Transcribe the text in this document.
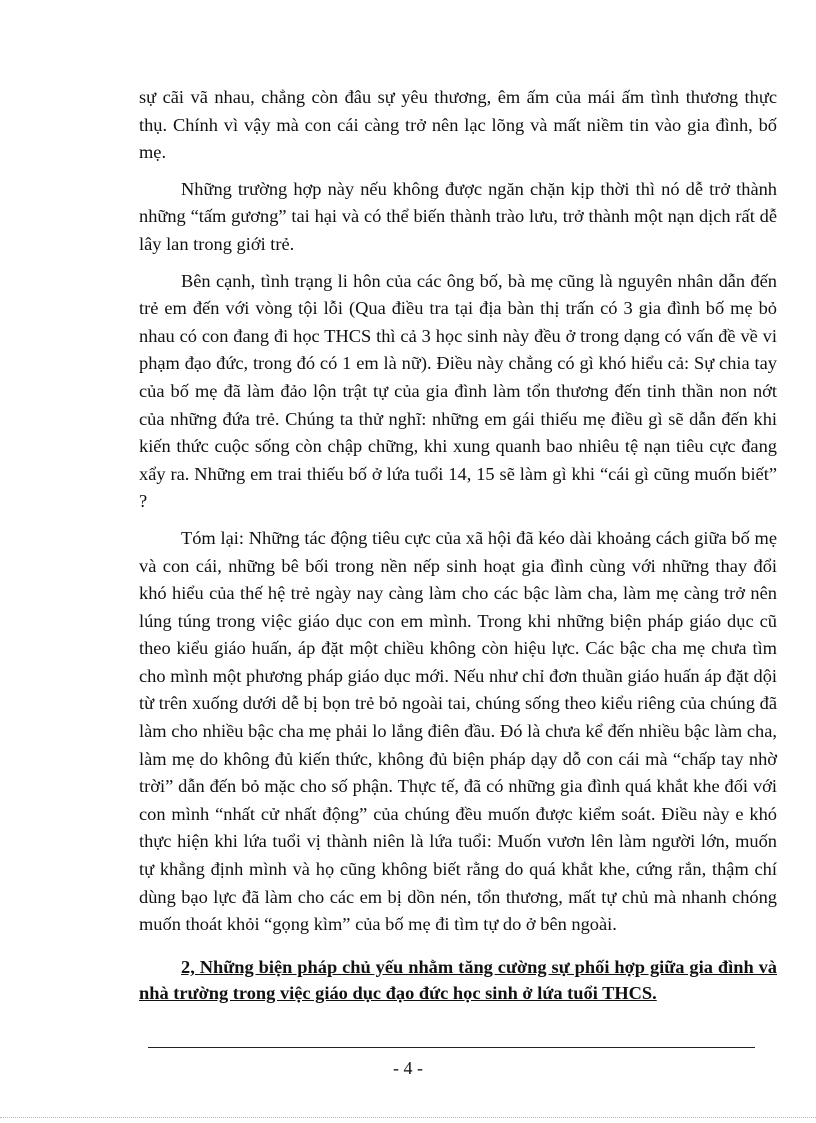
sự cãi vã nhau, chẳng còn đâu sự yêu thương, êm ấm của mái ấm tình thương thực thụ. Chính vì vậy mà con cái càng trở nên lạc lõng và mất niềm tin vào gia đình, bố mẹ.

Những trường hợp này nếu không được ngăn chặn kịp thời thì nó dễ trở thành những “tấm gương” tai hại và có thể biến thành trào lưu, trở thành một nạn dịch rất dễ lây lan trong giới trẻ.

Bên cạnh, tình trạng li hôn của các ông bố, bà mẹ cũng là nguyên nhân dẫn đến trẻ em đến với vòng tội lỗi (Qua điều tra tại địa bàn thị trấn có 3 gia đình bố mẹ bỏ nhau có con đang đi học THCS thì cả 3 học sinh này đều ở trong dạng có vấn đề về vi phạm đạo đức, trong đó có 1 em là nữ). Điều này chẳng có gì khó hiểu cả: Sự chia tay của bố mẹ đã làm đảo lộn trật tự của gia đình làm tổn thương đến tinh thần non nớt của những đứa trẻ. Chúng ta thử nghĩ: những em gái thiếu mẹ điều gì sẽ dẫn đến khi kiến thức cuộc sống còn chập chững, khi xung quanh bao nhiêu tệ nạn tiêu cực đang xẩy ra. Những em trai thiếu bố ở lứa tuổi 14, 15 sẽ làm gì khi “cái gì cũng muốn biết” ?

Tóm lại: Những tác động tiêu cực của xã hội đã kéo dài khoảng cách giữa bố mẹ và con cái, những bê bối trong nền nếp sinh hoạt gia đình cùng với những thay đổi khó hiểu của thế hệ trẻ ngày nay càng làm cho các bậc làm cha, làm mẹ càng trở nên lúng túng trong việc giáo dục con em mình. Trong khi những biện pháp giáo dục cũ theo kiểu giáo huấn, áp đặt một chiều không còn hiệu lực. Các bậc cha mẹ chưa tìm cho mình một phương pháp giáo dục mới. Nếu như chỉ đơn thuần giáo huấn áp đặt dội từ trên xuống dưới dễ bị bọn trẻ bỏ ngoài tai, chúng sống theo kiểu riêng của chúng đã làm cho nhiều bậc cha mẹ phải lo lắng điên đầu. Đó là chưa kể đến nhiều bậc làm cha, làm mẹ do không đủ kiến thức, không đủ biện pháp dạy dỗ con cái mà “chấp tay nhờ trời” dẫn đến bỏ mặc cho số phận. Thực tế, đã có những gia đình quá khắt khe đối với con mình “nhất cử nhất động” của chúng đều muốn được kiểm soát. Điều này e khó thực hiện khi lứa tuổi vị thành niên là lứa tuổi: Muốn vươn lên làm người lớn, muốn tự khẳng định mình và họ cũng không biết rằng do quá khắt khe, cứng rắn, thậm chí dùng bạo lực đã làm cho các em bị dồn nén, tổn thương, mất tự chủ mà nhanh chóng muốn thoát khỏi “gọng kìm” của bố mẹ đi tìm tự do ở bên ngoài.

2, Những biện pháp chủ yếu nhằm tăng cường sự phối hợp giữa gia đình và nhà trường trong việc giáo dục đạo đức học sinh ở lứa tuổi THCS.

- 4 -
